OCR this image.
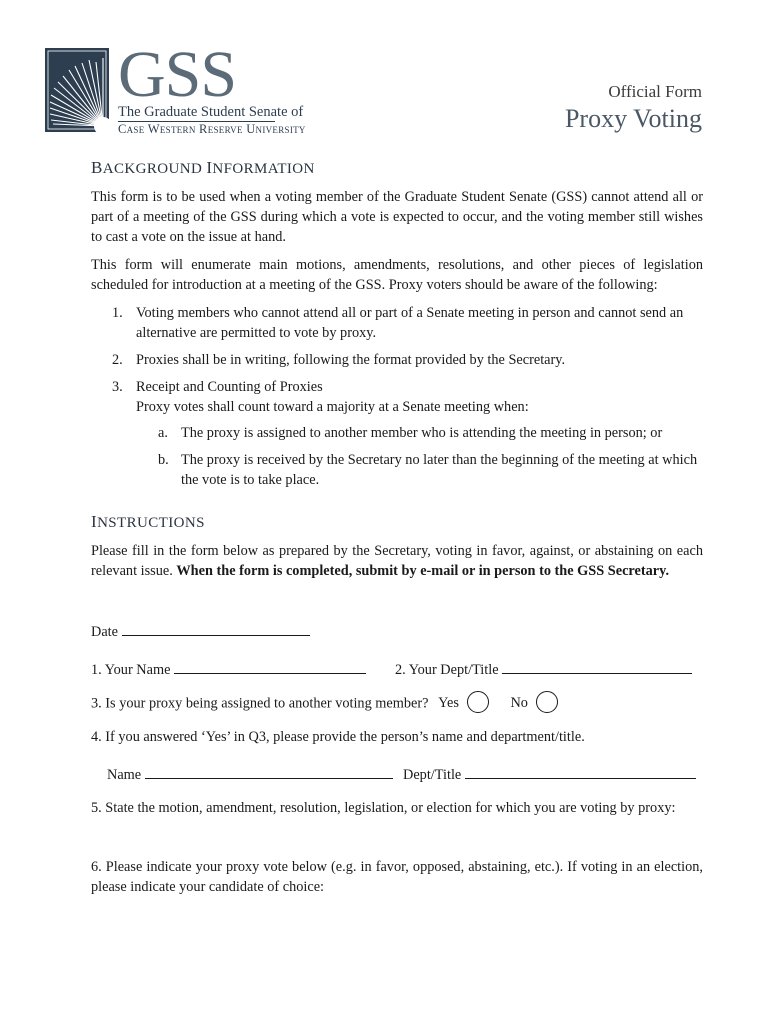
GSS
The Graduate Student Senate of
Case Western Reserve University
Official Form
Proxy Voting
BACKGROUND INFORMATION

This form is to be used when a voting member of the Graduate Student Senate (GSS) cannot attend all or part of a meeting of the GSS during which a vote is expected to occur, and the voting member still wishes to cast a vote on the issue at hand.

This form will enumerate main motions, amendments, resolutions, and other pieces of legislation scheduled for introduction at a meeting of the GSS. Proxy voters should be aware of the following:

1. Voting members who cannot attend all or part of a Senate meeting in person and cannot send an alternative are permitted to vote by proxy.
2. Proxies shall be in writing, following the format provided by the Secretary.
3. Receipt and Counting of Proxies
Proxy votes shall count toward a majority at a Senate meeting when:
a. The proxy is assigned to another member who is attending the meeting in person; or
b. The proxy is received by the Secretary no later than the beginning of the meeting at which the vote is to take place.
INSTRUCTIONS

Please fill in the form below as prepared by the Secretary, voting in favor, against, or abstaining on each relevant issue. When the form is completed, submit by e-mail or in person to the GSS Secretary.

Date
1. Your Name	2. Your Dept/Title
3. Is your proxy being assigned to another voting member? Yes	No
4. If you answered ‘Yes’ in Q3, please provide the person’s name and department/title.
Name	Dept/Title
5. State the motion, amendment, resolution, legislation, or election for which you are voting by proxy:
6. Please indicate your proxy vote below (e.g. in favor, opposed, abstaining, etc.). If voting in an election, please indicate your candidate of choice:
